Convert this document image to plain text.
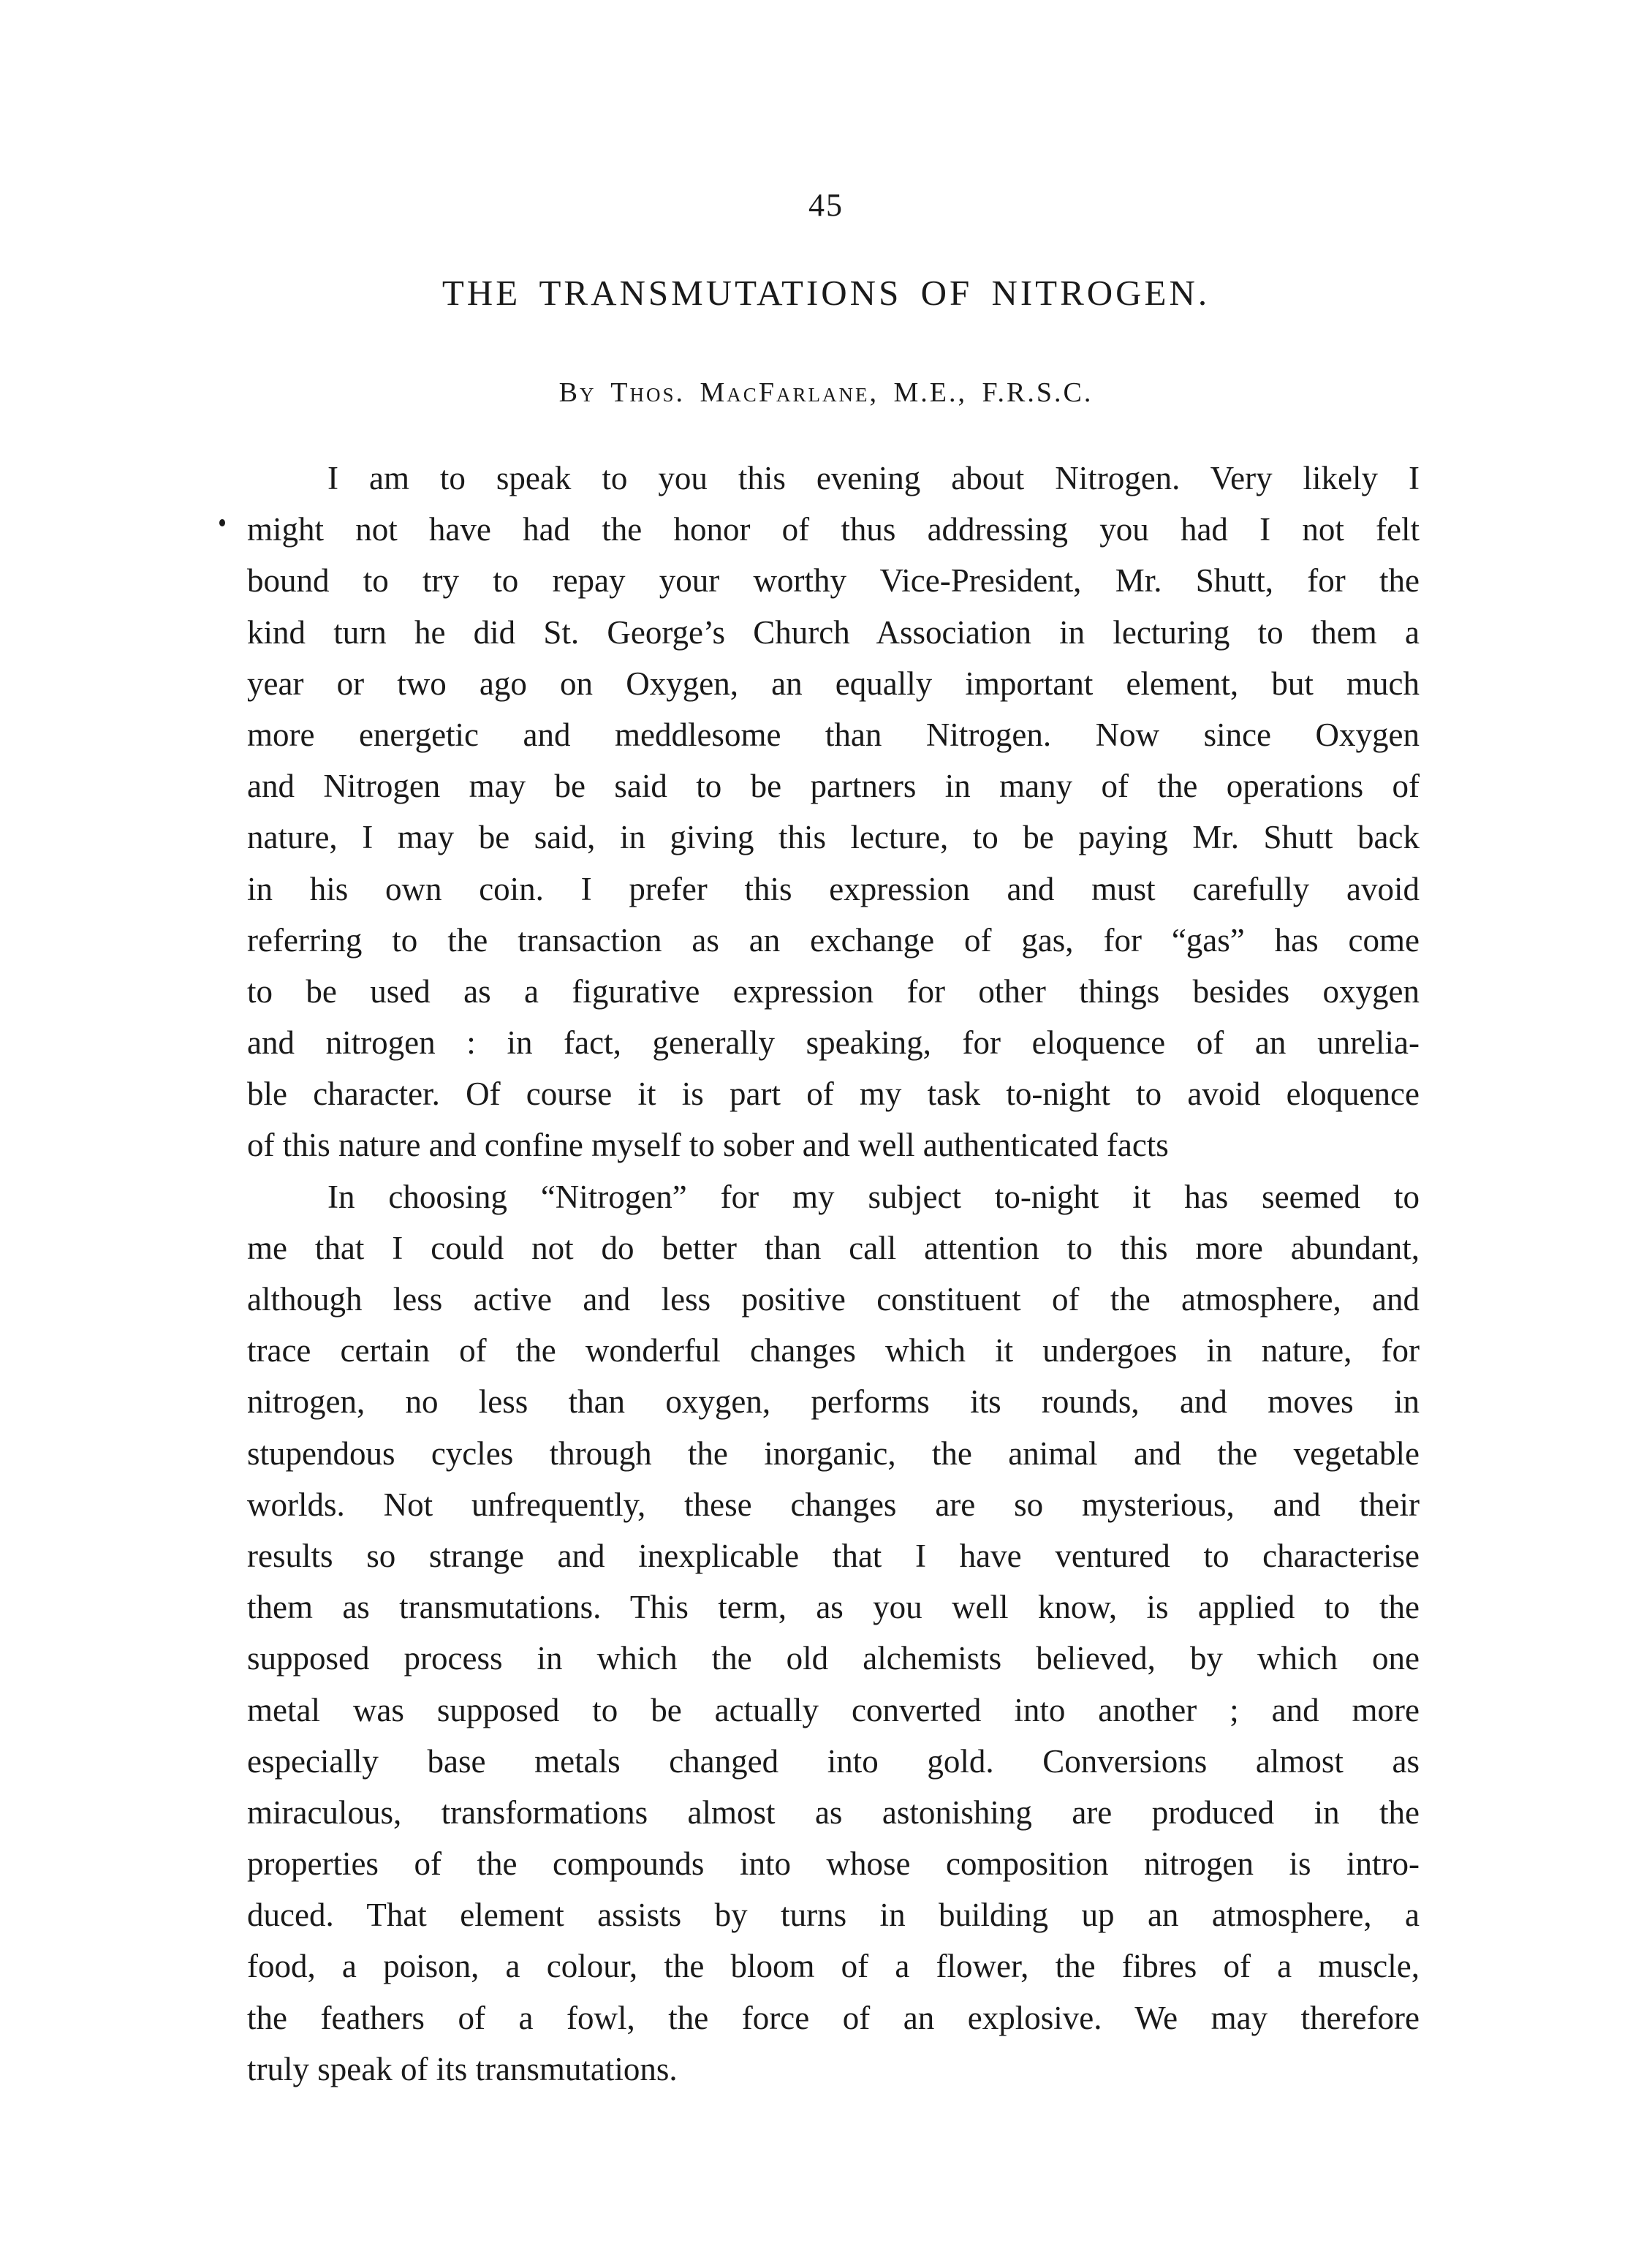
45
THE TRANSMUTATIONS OF NITROGEN.
By Thos. MacFarlane, M.E., F.R.S.C.
I am to speak to you this evening about Nitrogen. Very likely I
might not have had the honor of thus addressing you had I not felt
bound to try to repay your worthy Vice-President, Mr. Shutt, for the
kind turn he did St. George’s Church Association in lecturing to them a
year or two ago on Oxygen, an equally important element, but much
more energetic and meddlesome than Nitrogen. Now since Oxygen
and Nitrogen may be said to be partners in many of the operations of
nature, I may be said, in giving this lecture, to be paying Mr. Shutt back
in his own coin. I prefer this expression and must carefully avoid
referring to the transaction as an exchange of gas, for “gas” has come
to be used as a figurative expression for other things besides oxygen
and nitrogen : in fact, generally speaking, for eloquence of an unrelia-
ble character. Of course it is part of my task to-night to avoid eloquence
of this nature and confine myself to sober and well authenticated facts
In choosing “Nitrogen” for my subject to-night it has seemed to
me that I could not do better than call attention to this more abundant,
although less active and less positive constituent of the atmosphere, and
trace certain of the wonderful changes which it undergoes in nature, for
nitrogen, no less than oxygen, performs its rounds, and moves in
stupendous cycles through the inorganic, the animal and the vegetable
worlds. Not unfrequently, these changes are so mysterious, and their
results so strange and inexplicable that I have ventured to characterise
them as transmutations. This term, as you well know, is applied to the
supposed process in which the old alchemists believed, by which one
metal was supposed to be actually converted into another ; and more
especially base metals changed into gold. Conversions almost as
miraculous, transformations almost as astonishing are produced in the
properties of the compounds into whose composition nitrogen is intro-
duced. That element assists by turns in building up an atmosphere, a
food, a poison, a colour, the bloom of a flower, the fibres of a muscle,
the feathers of a fowl, the force of an explosive. We may therefore
truly speak of its transmutations.
